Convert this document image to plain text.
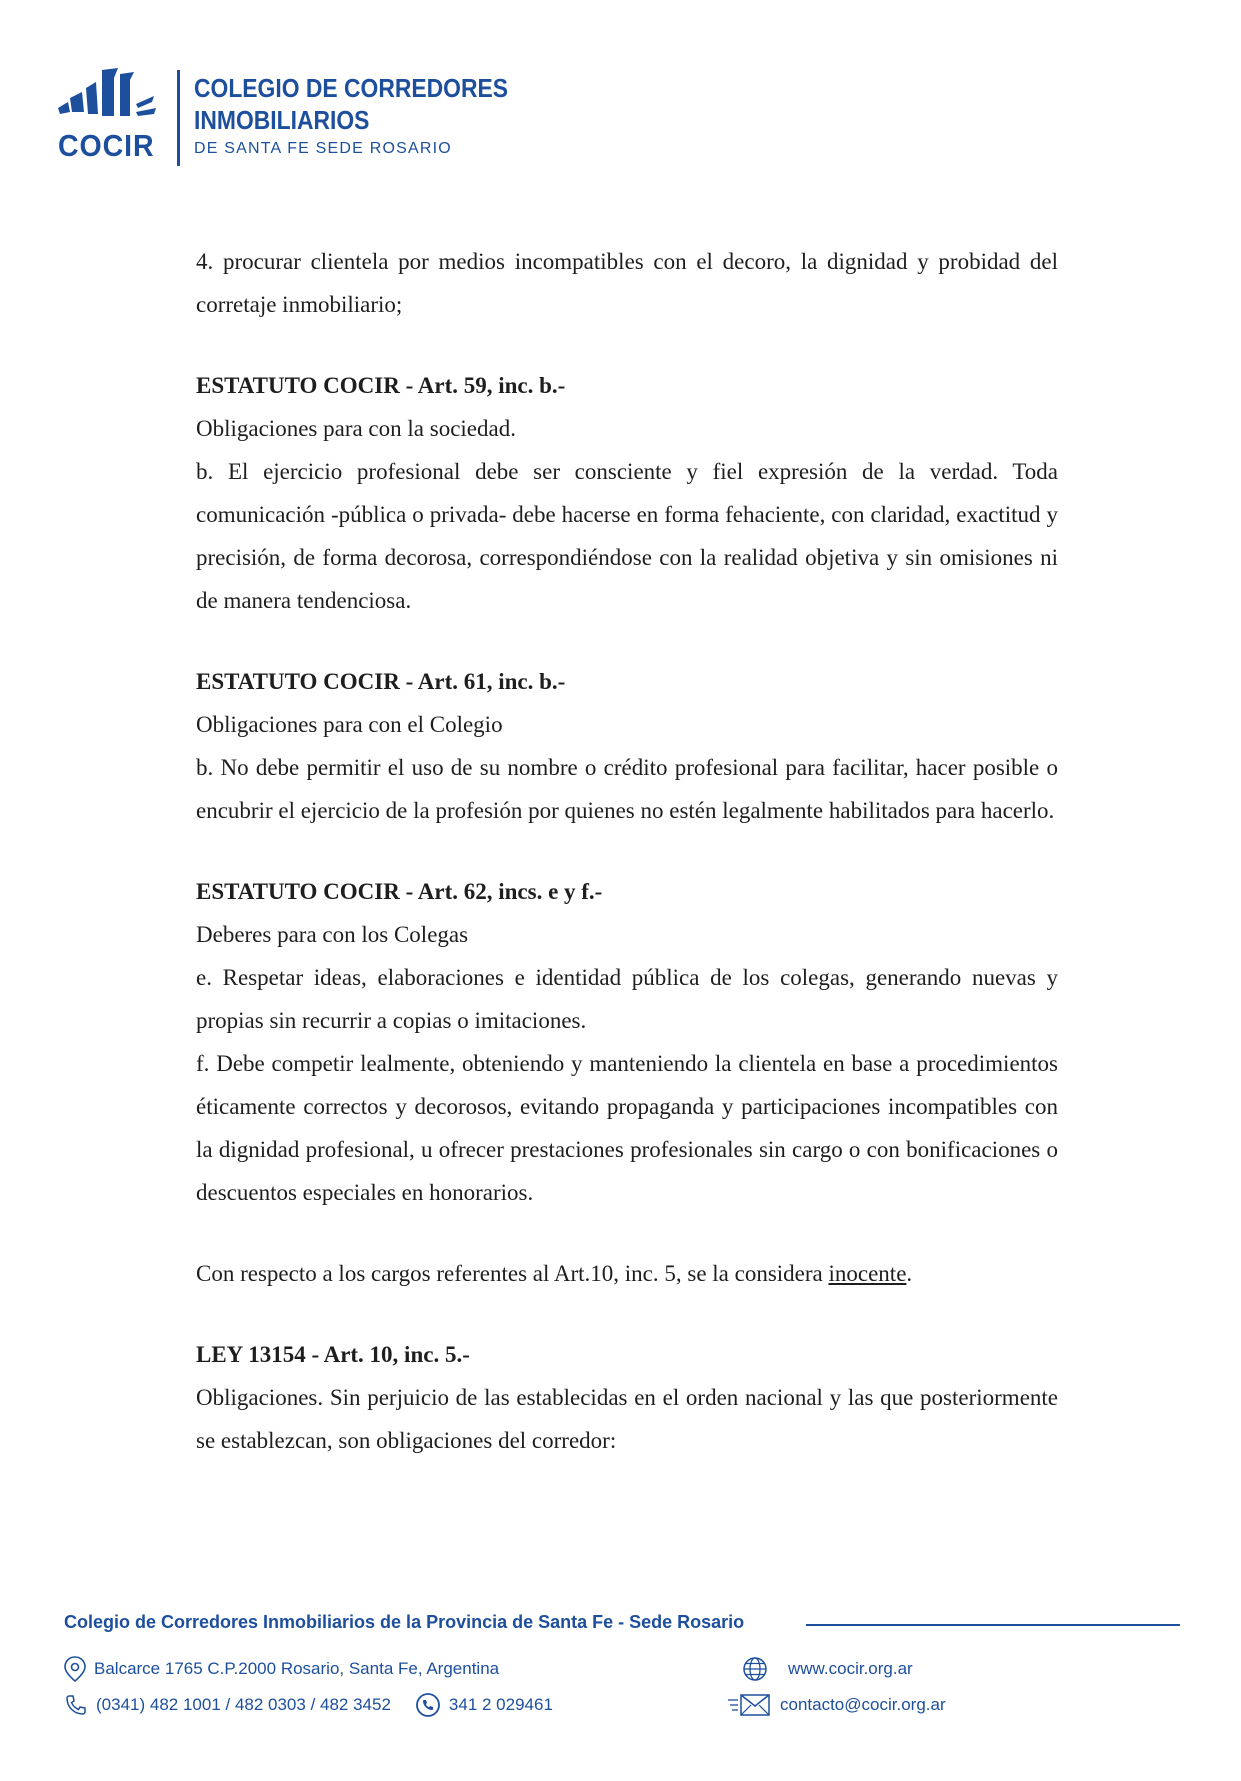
COCIR
COLEGIO DE CORREDORES
INMOBILIARIOS
DE SANTA FE SEDE ROSARIO

4. procurar clientela por medios incompatibles con el decoro, la dignidad y probidad del corretaje inmobiliario;

ESTATUTO COCIR - Art. 59, inc. b.-

Obligaciones para con la sociedad.

b. El ejercicio profesional debe ser consciente y fiel expresión de la verdad. Toda comunicación -pública o privada- debe hacerse en forma fehaciente, con claridad, exactitud y precisión, de forma decorosa, correspondiéndose con la realidad objetiva y sin omisiones ni de manera tendenciosa.

ESTATUTO COCIR - Art. 61, inc. b.-

Obligaciones para con el Colegio

b. No debe permitir el uso de su nombre o crédito profesional para facilitar, hacer posible o encubrir el ejercicio de la profesión por quienes no estén legalmente habilitados para hacerlo.

ESTATUTO COCIR - Art. 62, incs. e y f.-

Deberes para con los Colegas

e. Respetar ideas, elaboraciones e identidad pública de los colegas, generando nuevas y propias sin recurrir a copias o imitaciones.

f. Debe competir lealmente, obteniendo y manteniendo la clientela en base a procedimientos éticamente correctos y decorosos, evitando propaganda y participaciones incompatibles con la dignidad profesional, u ofrecer prestaciones profesionales sin cargo o con bonificaciones o descuentos especiales en honorarios.

Con respecto a los cargos referentes al Art.10, inc. 5, se la considera inocente.

LEY 13154 - Art. 10, inc. 5.-

Obligaciones. Sin perjuicio de las establecidas en el orden nacional y las que posteriormente se establezcan, son obligaciones del corredor:

Colegio de Corredores Inmobiliarios de la Provincia de Santa Fe - Sede Rosario
Balcarce 1765 C.P.2000 Rosario, Santa Fe, Argentina
(0341) 482 1001 / 482 0303 / 482 3452	341 2 029461
www.cocir.org.ar
contacto@cocir.org.ar
